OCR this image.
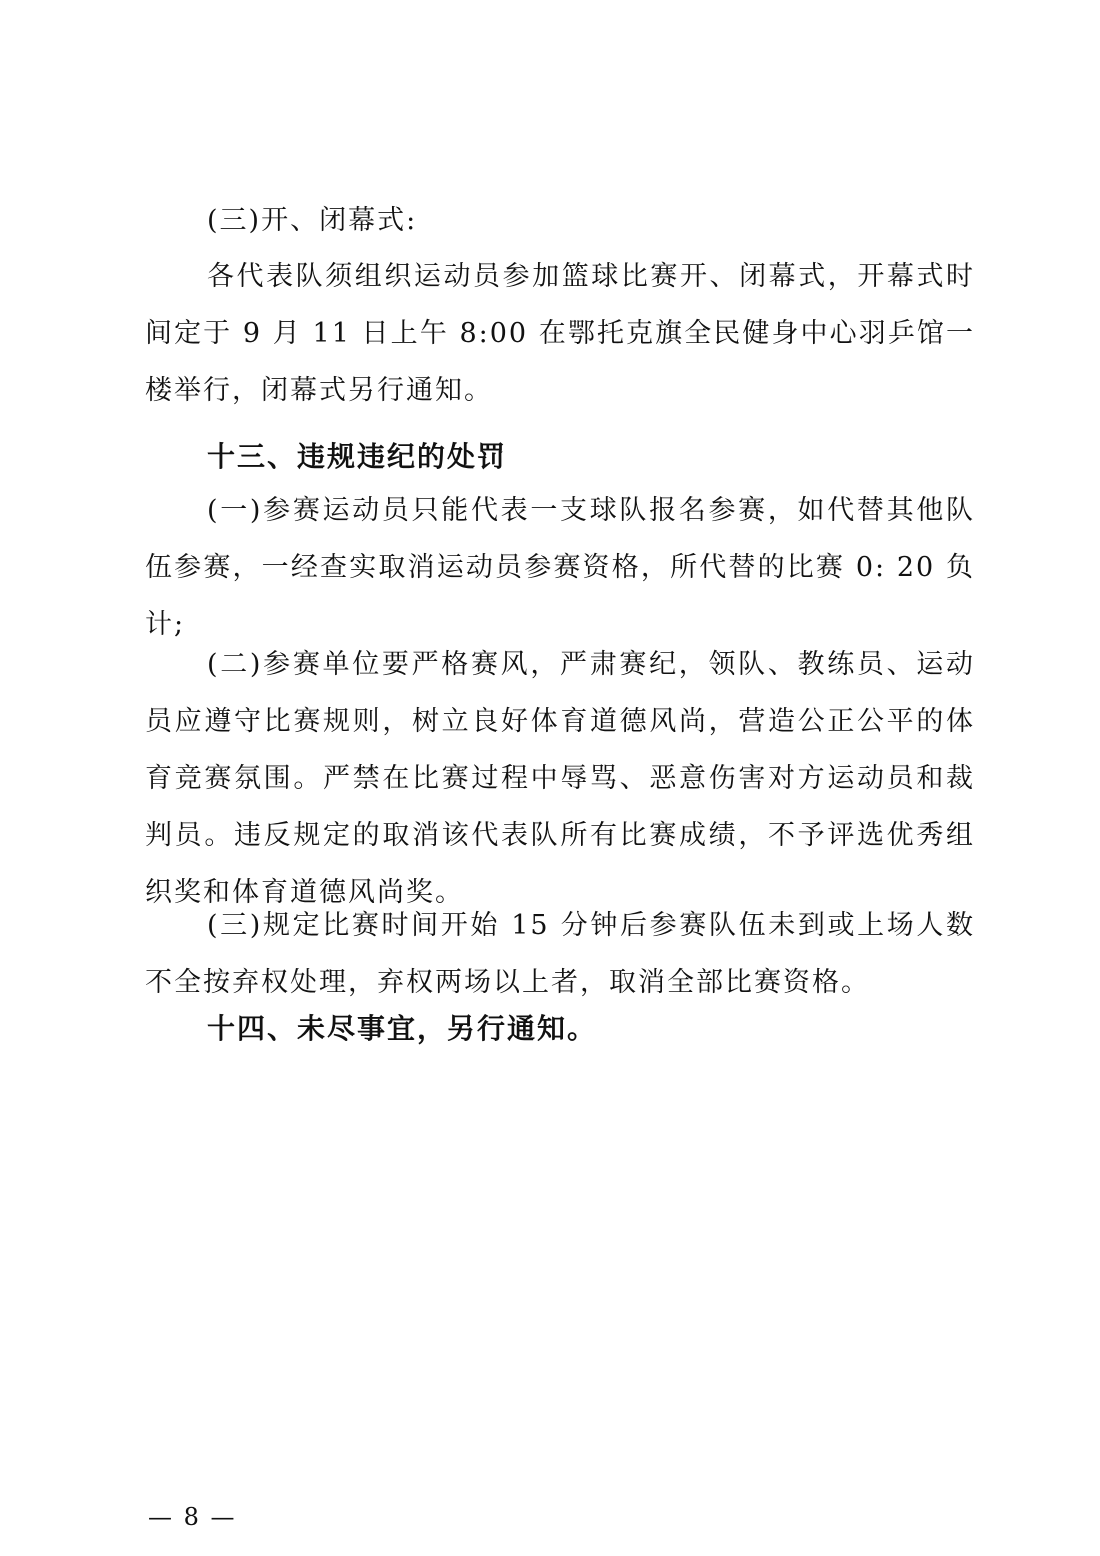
(三)开、闭幕式:

各代表队须组织运动员参加篮球比赛开、闭幕式，开幕式时间定于 9 月 11 日上午 8:00 在鄂托克旗全民健身中心羽乒馆一楼举行，闭幕式另行通知。

十三、违规违纪的处罚

(一)参赛运动员只能代表一支球队报名参赛，如代替其他队伍参赛，一经查实取消运动员参赛资格，所代替的比赛 0: 20 负计;

(二)参赛单位要严格赛风，严肃赛纪，领队、教练员、运动员应遵守比赛规则，树立良好体育道德风尚，营造公正公平的体育竞赛氛围。严禁在比赛过程中辱骂、恶意伤害对方运动员和裁判员。违反规定的取消该代表队所有比赛成绩，不予评选优秀组织奖和体育道德风尚奖。

(三)规定比赛时间开始 15 分钟后参赛队伍未到或上场人数不全按弃权处理，弃权两场以上者，取消全部比赛资格。

十四、未尽事宜，另行通知。

— 8 —
